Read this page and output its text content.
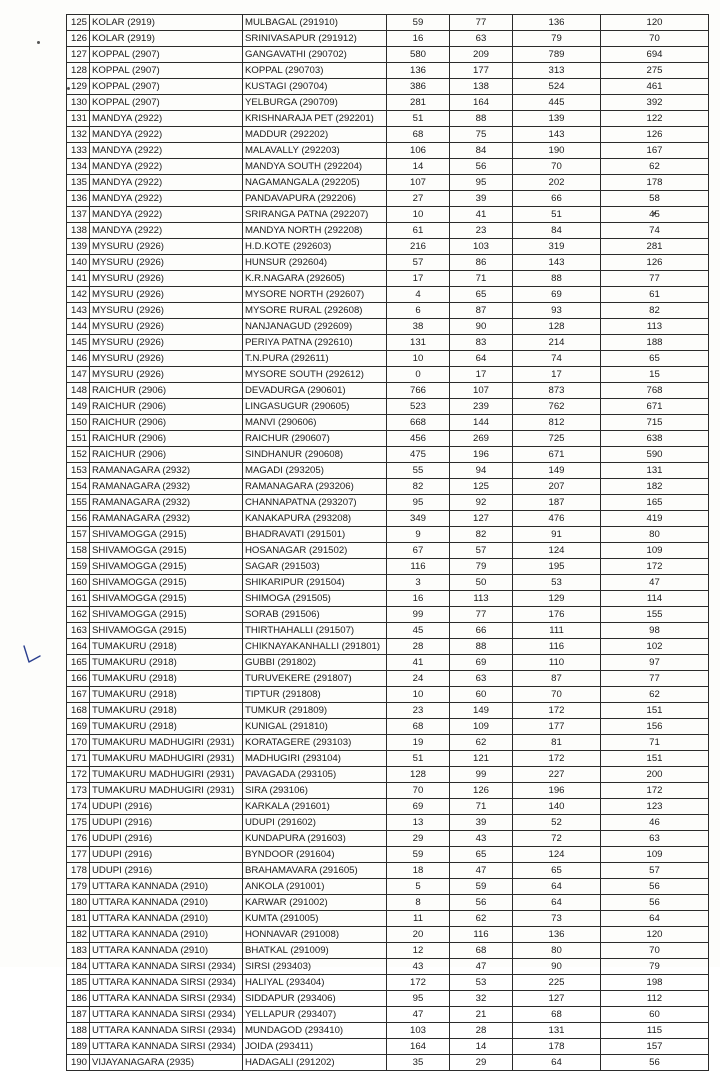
125	KOLAR (2919)	MULBAGAL (291910)	59	77	136	120
126	KOLAR (2919)	SRINIVASAPUR (291912)	16	63	79	70
127	KOPPAL (2907)	GANGAVATHI (290702)	580	209	789	694
128	KOPPAL (2907)	KOPPAL (290703)	136	177	313	275
129	KOPPAL (2907)	KUSTAGI (290704)	386	138	524	461
130	KOPPAL (2907)	YELBURGA (290709)	281	164	445	392
131	MANDYA (2922)	KRISHNARAJA PET (292201)	51	88	139	122
132	MANDYA (2922)	MADDUR (292202)	68	75	143	126
133	MANDYA (2922)	MALAVALLY (292203)	106	84	190	167
134	MANDYA (2922)	MANDYA SOUTH (292204)	14	56	70	62
135	MANDYA (2922)	NAGAMANGALA (292205)	107	95	202	178
136	MANDYA (2922)	PANDAVAPURA (292206)	27	39	66	58
137	MANDYA (2922)	SRIRANGA PATNA (292207)	10	41	51	45
138	MANDYA (2922)	MANDYA NORTH (292208)	61	23	84	74
139	MYSURU (2926)	H.D.KOTE (292603)	216	103	319	281
140	MYSURU (2926)	HUNSUR (292604)	57	86	143	126
141	MYSURU (2926)	K.R.NAGARA (292605)	17	71	88	77
142	MYSURU (2926)	MYSORE NORTH (292607)	4	65	69	61
143	MYSURU (2926)	MYSORE RURAL (292608)	6	87	93	82
144	MYSURU (2926)	NANJANAGUD (292609)	38	90	128	113
145	MYSURU (2926)	PERIYA PATNA (292610)	131	83	214	188
146	MYSURU (2926)	T.N.PURA (292611)	10	64	74	65
147	MYSURU (2926)	MYSORE SOUTH (292612)	0	17	17	15
148	RAICHUR (2906)	DEVADURGA (290601)	766	107	873	768
149	RAICHUR (2906)	LINGASUGUR (290605)	523	239	762	671
150	RAICHUR (2906)	MANVI (290606)	668	144	812	715
151	RAICHUR (2906)	RAICHUR (290607)	456	269	725	638
152	RAICHUR (2906)	SINDHANUR (290608)	475	196	671	590
153	RAMANAGARA (2932)	MAGADI (293205)	55	94	149	131
154	RAMANAGARA (2932)	RAMANAGARA (293206)	82	125	207	182
155	RAMANAGARA (2932)	CHANNAPATNA (293207)	95	92	187	165
156	RAMANAGARA (2932)	KANAKAPURA (293208)	349	127	476	419
157	SHIVAMOGGA (2915)	BHADRAVATI (291501)	9	82	91	80
158	SHIVAMOGGA (2915)	HOSANAGAR (291502)	67	57	124	109
159	SHIVAMOGGA (2915)	SAGAR (291503)	116	79	195	172
160	SHIVAMOGGA (2915)	SHIKARIPUR (291504)	3	50	53	47
161	SHIVAMOGGA (2915)	SHIMOGA (291505)	16	113	129	114
162	SHIVAMOGGA (2915)	SORAB (291506)	99	77	176	155
163	SHIVAMOGGA (2915)	THIRTHAHALLI (291507)	45	66	111	98
164	TUMAKURU (2918)	CHIKNAYAKANHALLI (291801)	28	88	116	102
165	TUMAKURU (2918)	GUBBI (291802)	41	69	110	97
166	TUMAKURU (2918)	TURUVEKERE (291807)	24	63	87	77
167	TUMAKURU (2918)	TIPTUR (291808)	10	60	70	62
168	TUMAKURU (2918)	TUMKUR (291809)	23	149	172	151
169	TUMAKURU (2918)	KUNIGAL (291810)	68	109	177	156
170	TUMAKURU MADHUGIRI (2931)	KORATAGERE (293103)	19	62	81	71
171	TUMAKURU MADHUGIRI (2931)	MADHUGIRI (293104)	51	121	172	151
172	TUMAKURU MADHUGIRI (2931)	PAVAGADA (293105)	128	99	227	200
173	TUMAKURU MADHUGIRI (2931)	SIRA (293106)	70	126	196	172
174	UDUPI (2916)	KARKALA (291601)	69	71	140	123
175	UDUPI (2916)	UDUPI (291602)	13	39	52	46
176	UDUPI (2916)	KUNDAPURA (291603)	29	43	72	63
177	UDUPI (2916)	BYNDOOR (291604)	59	65	124	109
178	UDUPI (2916)	BRAHAMAVARA (291605)	18	47	65	57
179	UTTARA KANNADA (2910)	ANKOLA (291001)	5	59	64	56
180	UTTARA KANNADA (2910)	KARWAR (291002)	8	56	64	56
181	UTTARA KANNADA (2910)	KUMTA (291005)	11	62	73	64
182	UTTARA KANNADA (2910)	HONNAVAR (291008)	20	116	136	120
183	UTTARA KANNADA (2910)	BHATKAL (291009)	12	68	80	70
184	UTTARA KANNADA SIRSI (2934)	SIRSI (293403)	43	47	90	79
185	UTTARA KANNADA SIRSI (2934)	HALIYAL (293404)	172	53	225	198
186	UTTARA KANNADA SIRSI (2934)	SIDDAPUR (293406)	95	32	127	112
187	UTTARA KANNADA SIRSI (2934)	YELLAPUR (293407)	47	21	68	60
188	UTTARA KANNADA SIRSI (2934)	MUNDAGOD (293410)	103	28	131	115
189	UTTARA KANNADA SIRSI (2934)	JOIDA (293411)	164	14	178	157
190	VIJAYANAGARA (2935)	HADAGALI (291202)	35	29	64	56
